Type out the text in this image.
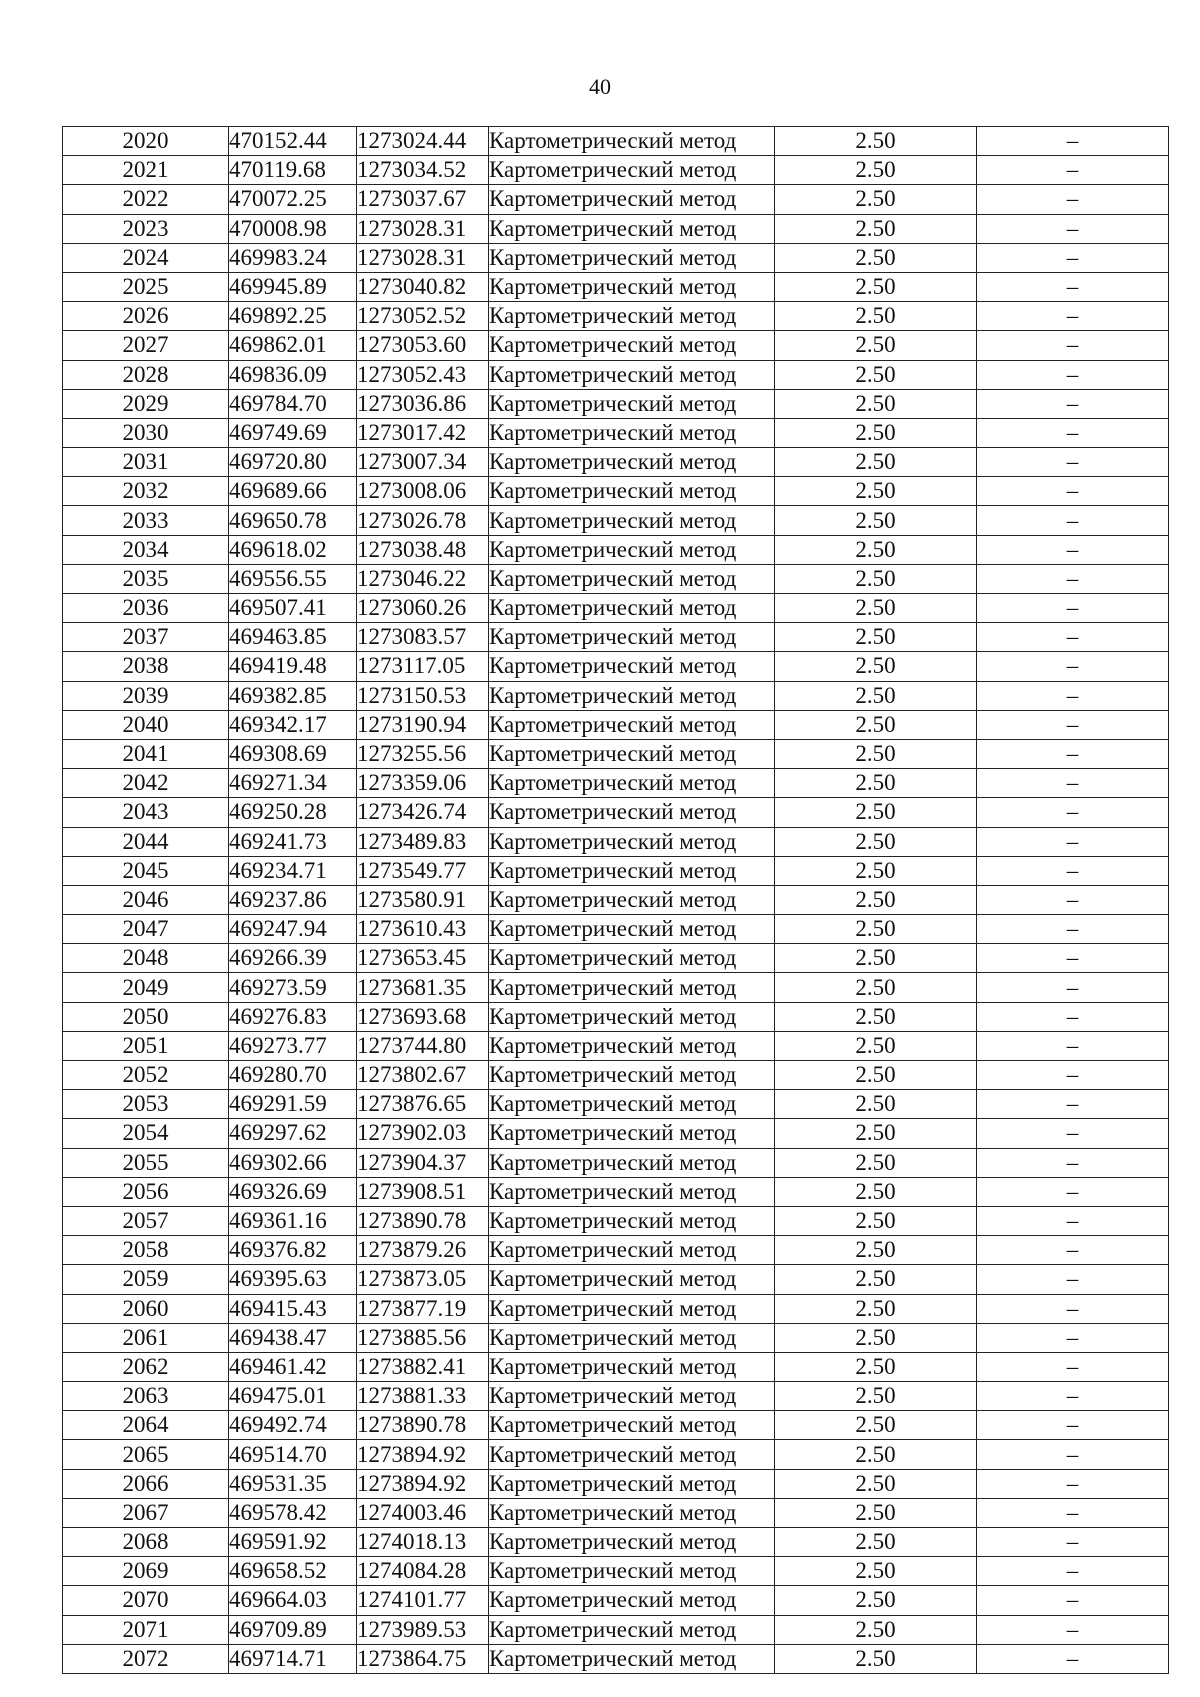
40
2020	470152.44	1273024.44	Картометрический метод	2.50	–
2021	470119.68	1273034.52	Картометрический метод	2.50	–
2022	470072.25	1273037.67	Картометрический метод	2.50	–
2023	470008.98	1273028.31	Картометрический метод	2.50	–
2024	469983.24	1273028.31	Картометрический метод	2.50	–
2025	469945.89	1273040.82	Картометрический метод	2.50	–
2026	469892.25	1273052.52	Картометрический метод	2.50	–
2027	469862.01	1273053.60	Картометрический метод	2.50	–
2028	469836.09	1273052.43	Картометрический метод	2.50	–
2029	469784.70	1273036.86	Картометрический метод	2.50	–
2030	469749.69	1273017.42	Картометрический метод	2.50	–
2031	469720.80	1273007.34	Картометрический метод	2.50	–
2032	469689.66	1273008.06	Картометрический метод	2.50	–
2033	469650.78	1273026.78	Картометрический метод	2.50	–
2034	469618.02	1273038.48	Картометрический метод	2.50	–
2035	469556.55	1273046.22	Картометрический метод	2.50	–
2036	469507.41	1273060.26	Картометрический метод	2.50	–
2037	469463.85	1273083.57	Картометрический метод	2.50	–
2038	469419.48	1273117.05	Картометрический метод	2.50	–
2039	469382.85	1273150.53	Картометрический метод	2.50	–
2040	469342.17	1273190.94	Картометрический метод	2.50	–
2041	469308.69	1273255.56	Картометрический метод	2.50	–
2042	469271.34	1273359.06	Картометрический метод	2.50	–
2043	469250.28	1273426.74	Картометрический метод	2.50	–
2044	469241.73	1273489.83	Картометрический метод	2.50	–
2045	469234.71	1273549.77	Картометрический метод	2.50	–
2046	469237.86	1273580.91	Картометрический метод	2.50	–
2047	469247.94	1273610.43	Картометрический метод	2.50	–
2048	469266.39	1273653.45	Картометрический метод	2.50	–
2049	469273.59	1273681.35	Картометрический метод	2.50	–
2050	469276.83	1273693.68	Картометрический метод	2.50	–
2051	469273.77	1273744.80	Картометрический метод	2.50	–
2052	469280.70	1273802.67	Картометрический метод	2.50	–
2053	469291.59	1273876.65	Картометрический метод	2.50	–
2054	469297.62	1273902.03	Картометрический метод	2.50	–
2055	469302.66	1273904.37	Картометрический метод	2.50	–
2056	469326.69	1273908.51	Картометрический метод	2.50	–
2057	469361.16	1273890.78	Картометрический метод	2.50	–
2058	469376.82	1273879.26	Картометрический метод	2.50	–
2059	469395.63	1273873.05	Картометрический метод	2.50	–
2060	469415.43	1273877.19	Картометрический метод	2.50	–
2061	469438.47	1273885.56	Картометрический метод	2.50	–
2062	469461.42	1273882.41	Картометрический метод	2.50	–
2063	469475.01	1273881.33	Картометрический метод	2.50	–
2064	469492.74	1273890.78	Картометрический метод	2.50	–
2065	469514.70	1273894.92	Картометрический метод	2.50	–
2066	469531.35	1273894.92	Картометрический метод	2.50	–
2067	469578.42	1274003.46	Картометрический метод	2.50	–
2068	469591.92	1274018.13	Картометрический метод	2.50	–
2069	469658.52	1274084.28	Картометрический метод	2.50	–
2070	469664.03	1274101.77	Картометрический метод	2.50	–
2071	469709.89	1273989.53	Картометрический метод	2.50	–
2072	469714.71	1273864.75	Картометрический метод	2.50	–
